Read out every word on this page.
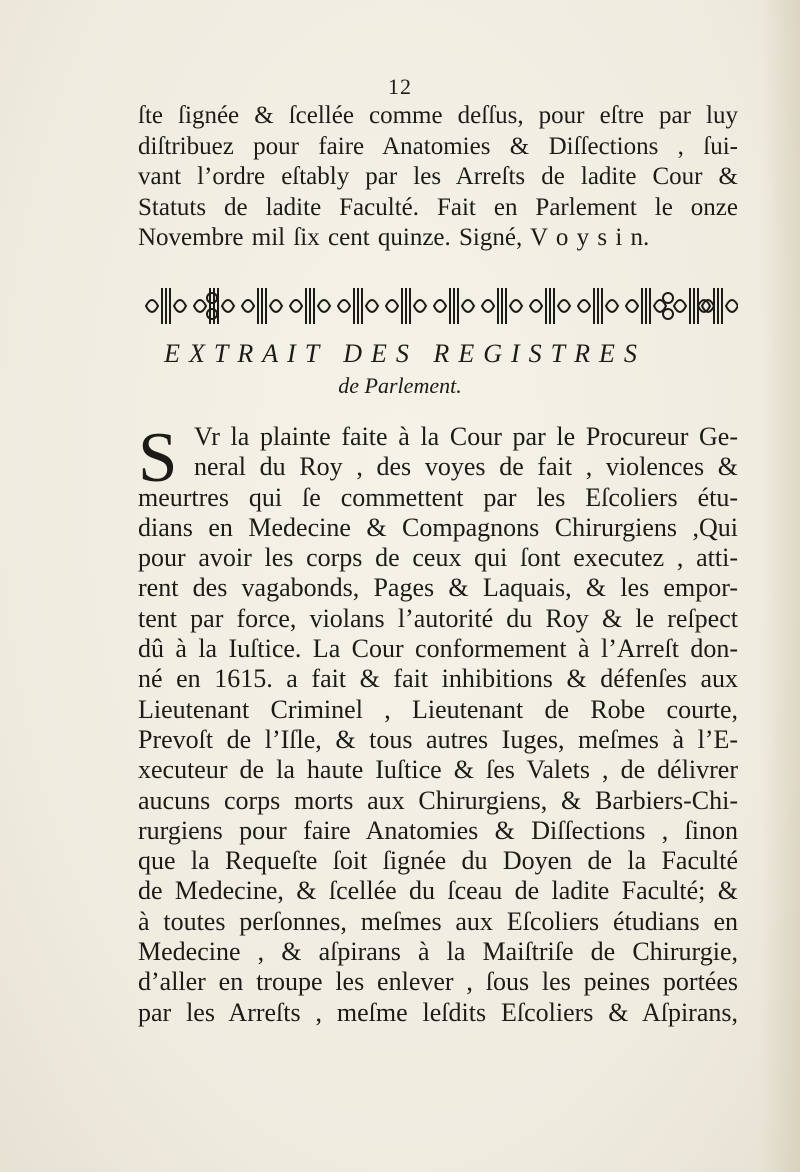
12
ſte ſignée & ſcellée comme deſſus, pour eſtre par luy
diſtribuez pour faire Anatomies & Diſſections , ſui-
vant l’ordre eſtably par les Arreſts de ladite Cour &
Statuts de ladite Faculté. Fait en Parlement le onze
Novembre mil ſix cent quinze. Signé, V o y s i n.
EXTRAIT DES REGISTRES
de Parlement.
S Vr la plainte faite à la Cour par le Procureur Ge-
neral du Roy , des voyes de fait , violences &
meurtres qui ſe commettent par les Eſcoliers étu-
dians en Medecine & Compagnons Chirurgiens ,Qui
pour avoir les corps de ceux qui ſont executez , atti-
rent des vagabonds, Pages & Laquais, & les empor-
tent par force, violans l’autorité du Roy & le reſpect
dû à la Iuſtice. La Cour conformement à l’Arreſt don-
né en 1615. a fait & fait inhibitions & défenſes aux
Lieutenant Criminel , Lieutenant de Robe courte,
Prevoſt de l’Iſle, & tous autres Iuges, meſmes à l’E-
xecuteur de la haute Iuſtice & ſes Valets , de délivrer
aucuns corps morts aux Chirurgiens, & Barbiers-Chi-
rurgiens pour faire Anatomies & Diſſections , ſinon
que la Requeſte ſoit ſignée du Doyen de la Faculté
de Medecine, & ſcellée du ſceau de ladite Faculté; &
à toutes perſonnes, meſmes aux Eſcoliers étudians en
Medecine , & aſpirans à la Maiſtriſe de Chirurgie,
d’aller en troupe les enlever , ſous les peines portées
par les Arreſts , meſme leſdits Eſcoliers & Aſpirans,
